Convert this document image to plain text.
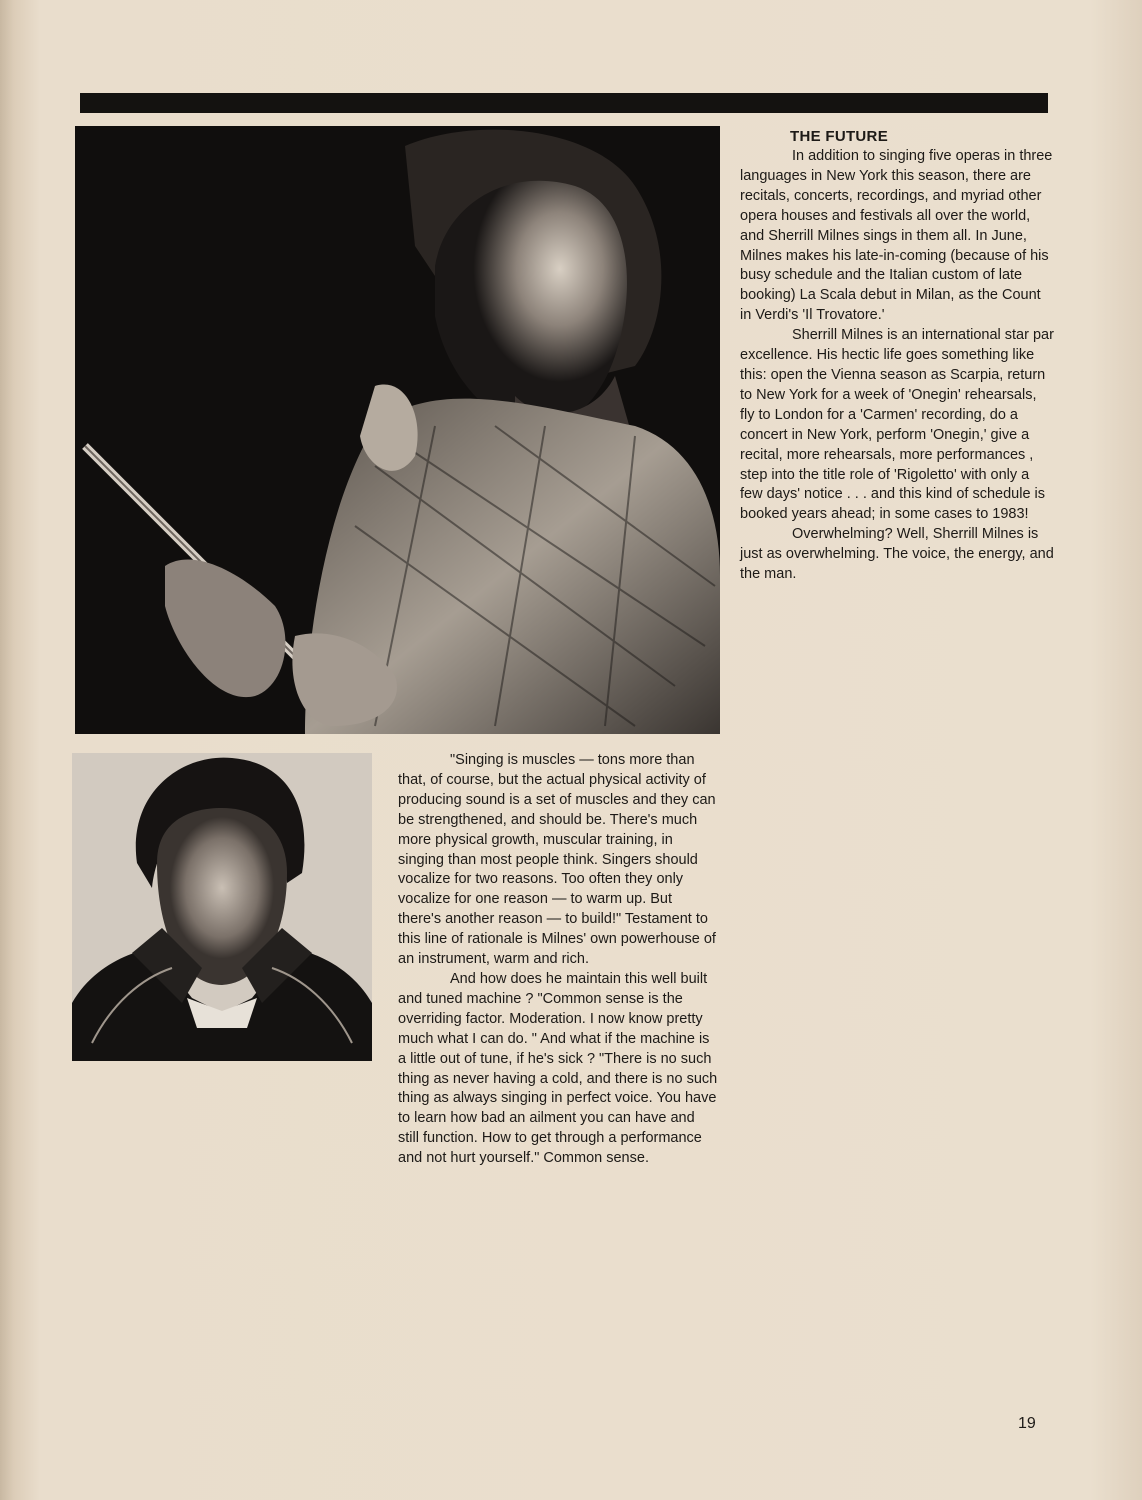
THE FUTURE

In addition to singing five operas in three languages in New York this season, there are recitals, concerts, recordings, and myriad other opera houses and festivals all over the world, and Sherrill Milnes sings in them all. In June, Milnes makes his late-in-coming (because of his busy schedule and the Italian custom of late booking) La Scala debut in Milan, as the Count in Verdi's 'Il Trovatore.'

Sherrill Milnes is an international star par excellence. His hectic life goes something like this: open the Vienna season as Scarpia, return to New York for a week of 'Onegin' rehearsals, fly to London for a 'Carmen' recording, do a concert in New York, perform 'Onegin,' give a recital, more rehearsals, more performances , step into the title role of 'Rigoletto' with only a few days' notice . . . and this kind of schedule is booked years ahead; in some cases to 1983!

Overwhelming? Well, Sherrill Milnes is just as overwhelming. The voice, the energy, and the man.

"Singing is muscles — tons more than that, of course, but the actual physical activity of producing sound is a set of muscles and they can be strengthened, and should be. There's much more physical growth, muscular training, in singing than most people think. Singers should vocalize for two reasons. Too often they only vocalize for one reason — to warm up. But there's another reason — to build!" Testament to this line of rationale is Milnes' own powerhouse of an instrument, warm and rich.

And how does he maintain this well built and tuned machine ? "Common sense is the overriding factor. Moderation. I now know pretty much what I can do. " And what if the machine is a little out of tune, if he's sick ? "There is no such thing as never having a cold, and there is no such thing as always singing in perfect voice. You have to learn how bad an ailment you can have and still function. How to get through a performance and not hurt yourself." Common sense.

19
